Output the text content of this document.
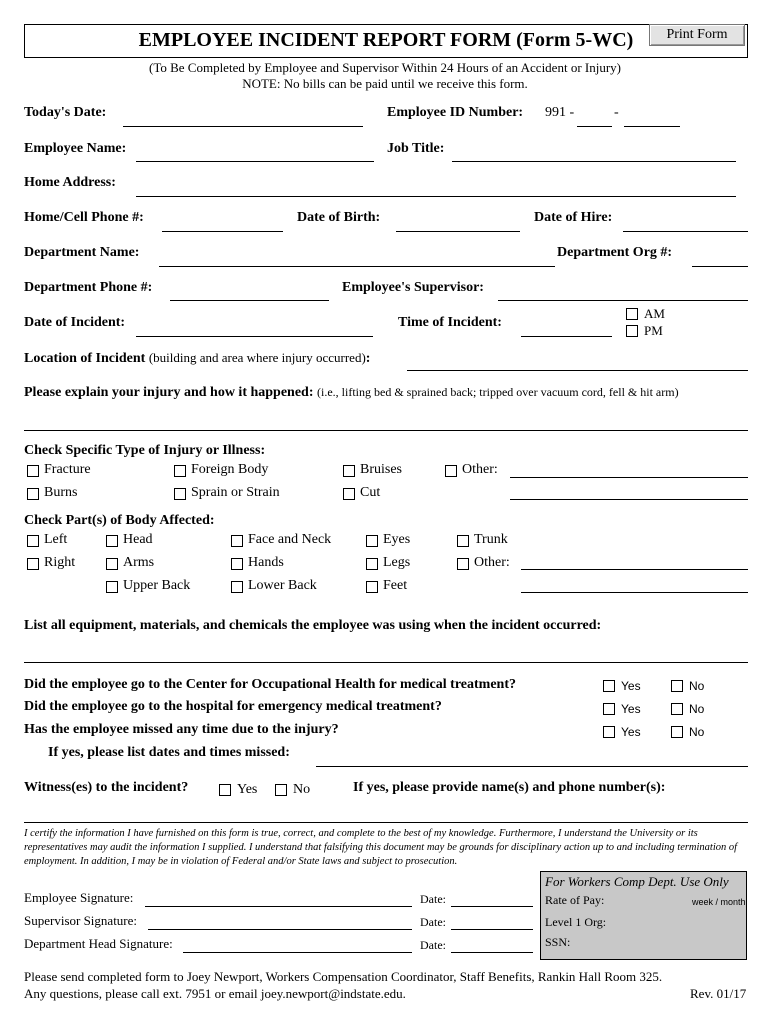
EMPLOYEE INCIDENT REPORT FORM (Form 5-WC)	Print Form
(To Be Completed by Employee and Supervisor Within 24 Hours of an Accident or Injury)
NOTE: No bills can be paid until we receive this form.
Today's Date:	Employee ID Number: 991 -	-
Employee Name:	Job Title:
Home Address:
Home/Cell Phone #:	Date of Birth:	Date of Hire:
Department Name:	Department Org #:
Department Phone #:	Employee's Supervisor:
Date of Incident:	Time of Incident:
AM
PM
Location of Incident (building and area where injury occurred):
Please explain your injury and how it happened: (i.e., lifting bed & sprained back; tripped over vacuum cord, fell & hit arm)
Check Specific Type of Injury or Illness:
Fracture	Foreign Body	Bruises	Other:
Burns	Sprain or Strain	Cut
Check Part(s) of Body Affected:
Left	Head	Face and Neck	Eyes	Trunk
Right	Arms	Hands	Legs	Other:
Upper Back	Lower Back	Feet
List all equipment, materials, and chemicals the employee was using when the incident occurred:
Did the employee go to the Center for Occupational Health for medical treatment?	Yes	No
Did the employee go to the hospital for emergency medical treatment?	Yes	No
Has the employee missed any time due to the injury?	Yes	No
If yes, please list dates and times missed:
Witness(es) to the incident?	Yes	No	If yes, please provide name(s) and phone number(s):
I certify the information I have furnished on this form is true, correct, and complete to the best of my knowledge. Furthermore, I understand the University or its representatives may audit the information I supplied. I understand that falsifying this document may be grounds for disciplinary action up to and including termination of employment. In addition, I may be in violation of Federal and/or State laws and subject to prosecution.
Employee Signature:	Date:
Supervisor Signature:	Date:
Department Head Signature:	Date:
For Workers Comp Dept. Use Only
Rate of Pay:	week / month
Level 1 Org:
SSN:
Please send completed form to Joey Newport, Workers Compensation Coordinator, Staff Benefits, Rankin Hall Room 325.
Any questions, please call ext. 7951 or email joey.newport@indstate.edu.	Rev. 01/17
